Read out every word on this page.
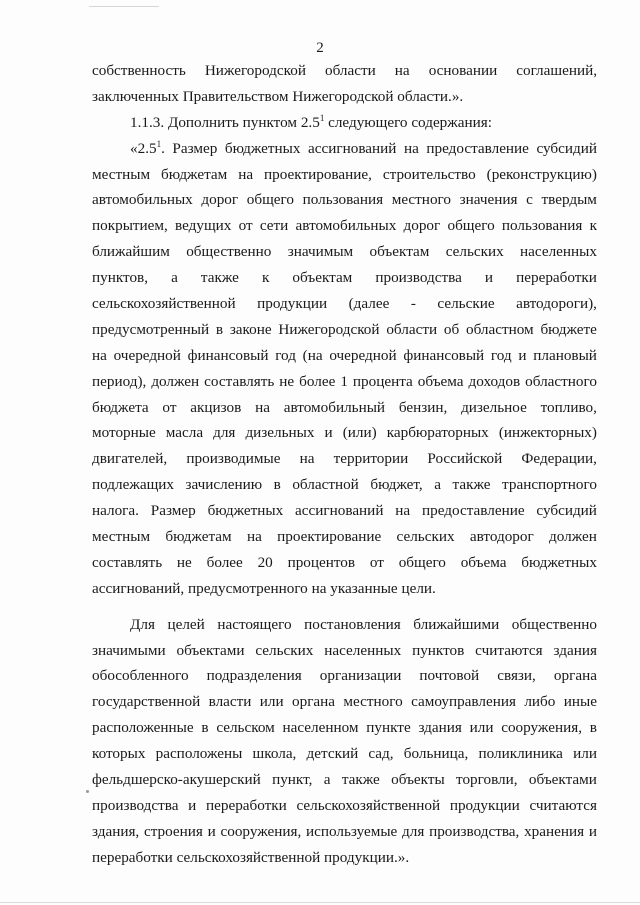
2
собственность Нижегородской области на основании соглашений,
заключенных Правительством Нижегородской области.».
1.1.3. Дополнить пунктом $2.5^1$ следующего содержания:
«$2.5^1$. Размер бюджетных ассигнований на предоставление субсидий
местным бюджетам на проектирование, строительство (реконструкцию)
автомобильных дорог общего пользования местного значения с твердым
покрытием, ведущих от сети автомобильных дорог общего пользования к
ближайшим общественно значимым объектам сельских населенных
пунктов, а также к объектам производства и переработки
сельскохозяйственной продукции (далее - сельские автодороги),
предусмотренный в законе Нижегородской области об областном бюджете
на очередной финансовый год (на очередной финансовый год и плановый
период), должен составлять не более 1 процента объема доходов областного
бюджета от акцизов на автомобильный бензин, дизельное топливо,
моторные масла для дизельных и (или) карбюраторных (инжекторных)
двигателей, производимые на территории Российской Федерации,
подлежащих зачислению в областной бюджет, а также транспортного
налога. Размер бюджетных ассигнований на предоставление субсидий
местным бюджетам на проектирование сельских автодорог должен
составлять не более 20 процентов от общего объема бюджетных
ассигнований, предусмотренного на указанные цели.
Для целей настоящего постановления ближайшими общественно
значимыми объектами сельских населенных пунктов считаются здания
обособленного подразделения организации почтовой связи, органа
государственной власти или органа местного самоуправления либо иные
расположенные в сельском населенном пункте здания или сооружения, в
которых расположены школа, детский сад, больница, поликлиника или
фельдшерско-акушерский пункт, а также объекты торговли, объектами
производства и переработки сельскохозяйственной продукции считаются
здания, строения и сооружения, используемые для производства, хранения и
переработки сельскохозяйственной продукции.».
